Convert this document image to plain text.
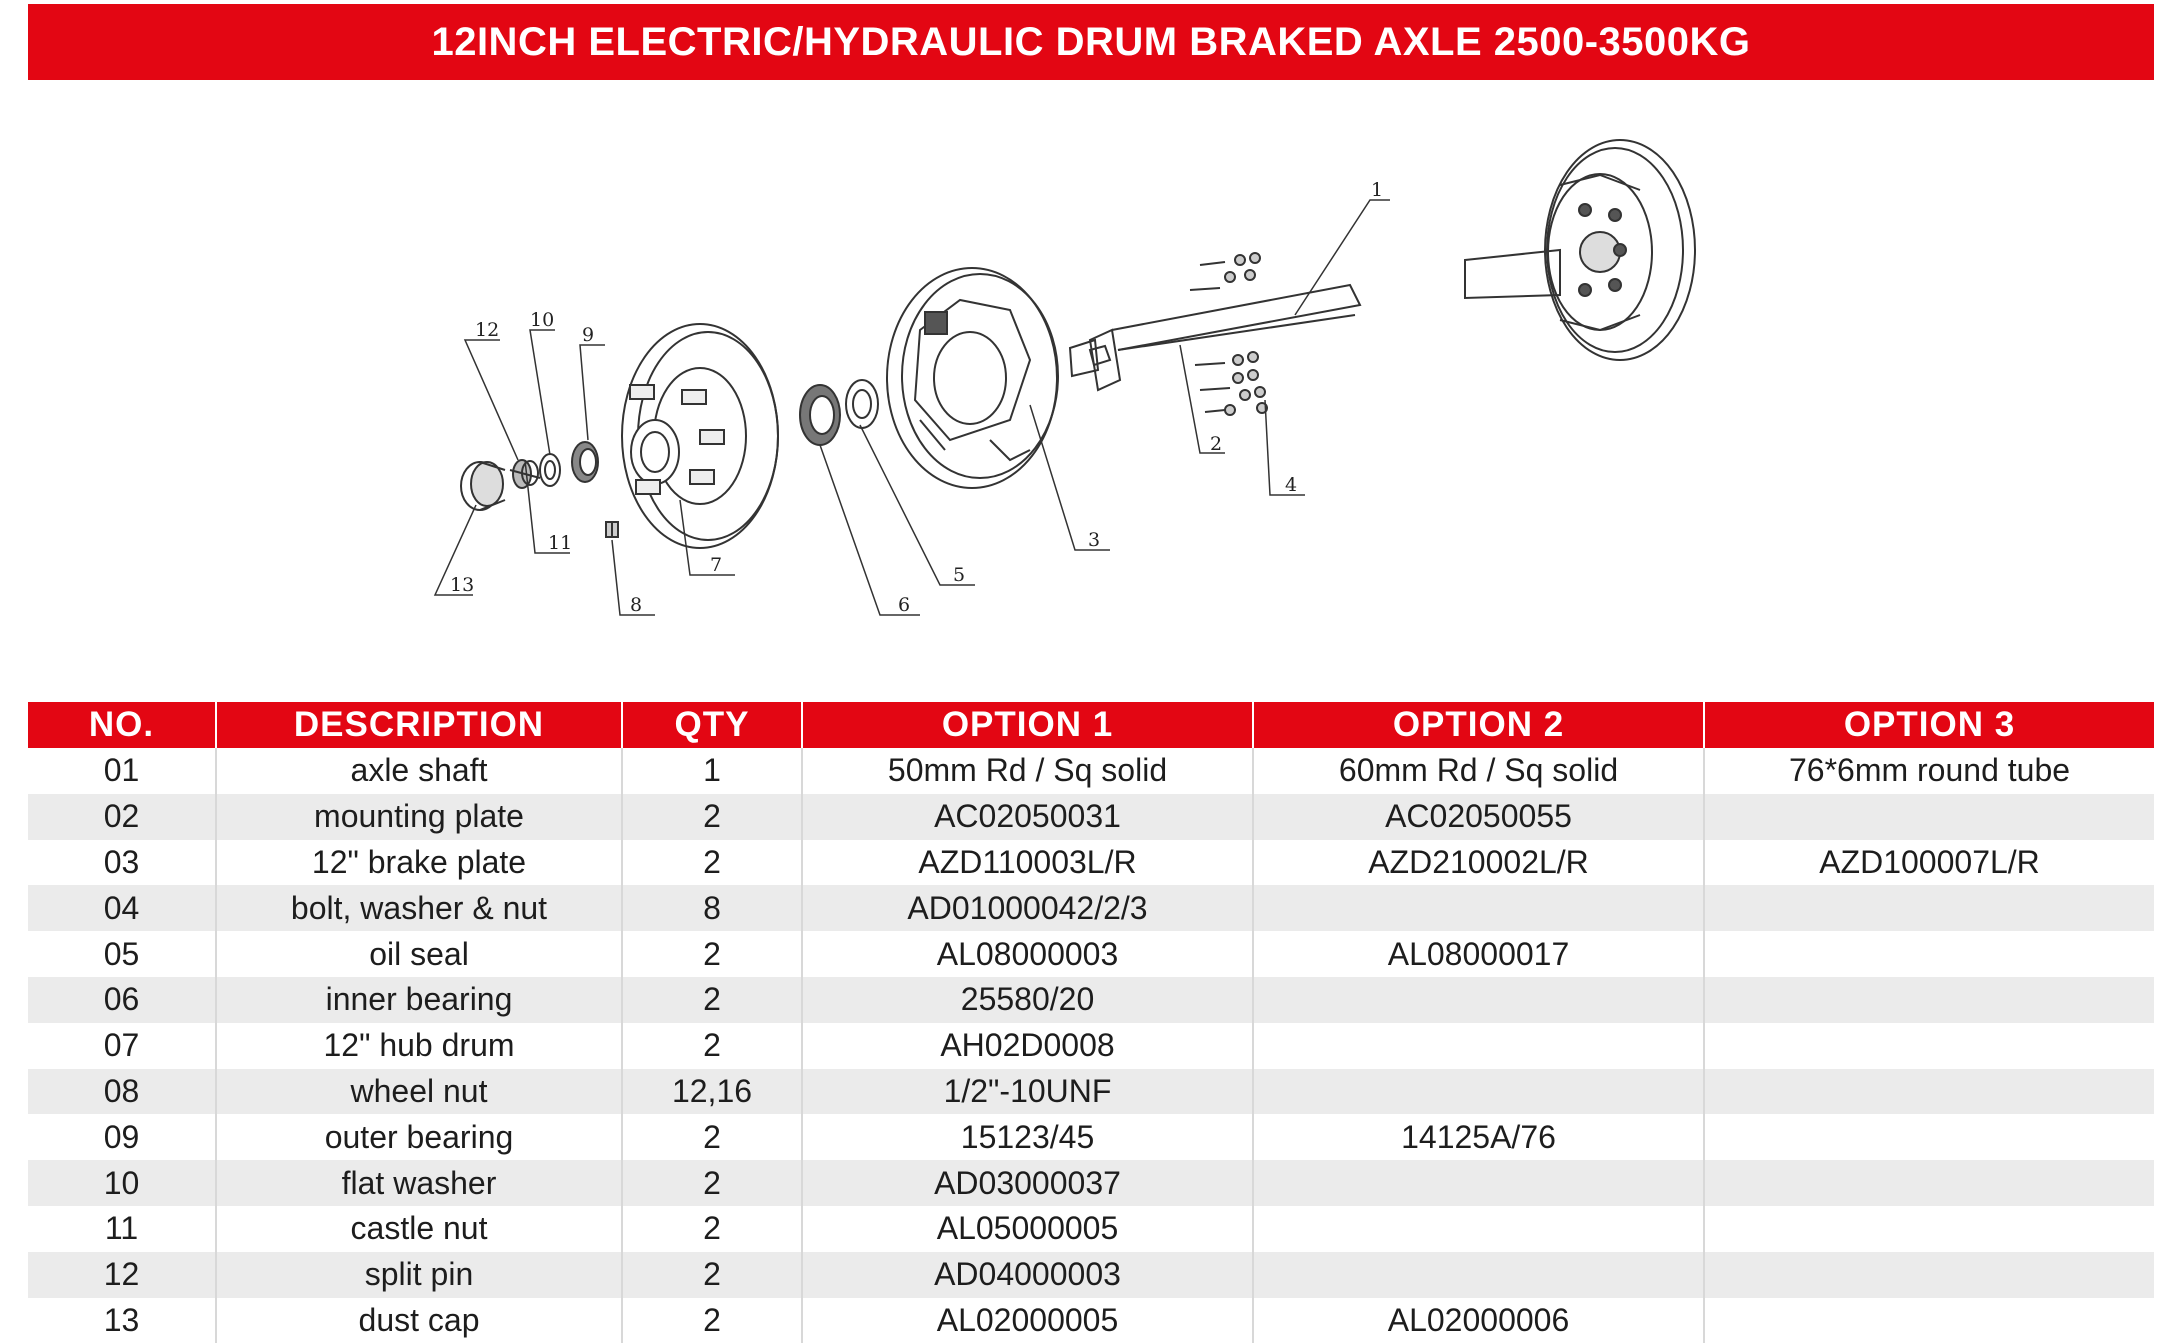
12INCH ELECTRIC/HYDRAULIC DRUM BRAKED AXLE 2500-3500KG
1
2
3
4
5
6
7
8
9
10
11
12
13
NO.	DESCRIPTION	QTY	OPTION 1	OPTION 2	OPTION 3
01	axle shaft	1	50mm Rd / Sq solid	60mm Rd / Sq solid	76*6mm round tube
02	mounting plate	2	AC02050031	AC02050055	
03	12" brake plate	2	AZD110003L/R	AZD210002L/R	AZD100007L/R
04	bolt, washer & nut	8	AD01000042/2/3		
05	oil seal	2	AL08000003	AL08000017	
06	inner bearing	2	25580/20		
07	12" hub drum	2	AH02D0008		
08	wheel nut	12,16	1/2"-10UNF		
09	outer bearing	2	15123/45	14125A/76	
10	flat washer	2	AD03000037		
11	castle nut	2	AL05000005		
12	split pin	2	AD04000003		
13	dust cap	2	AL02000005	AL02000006	
